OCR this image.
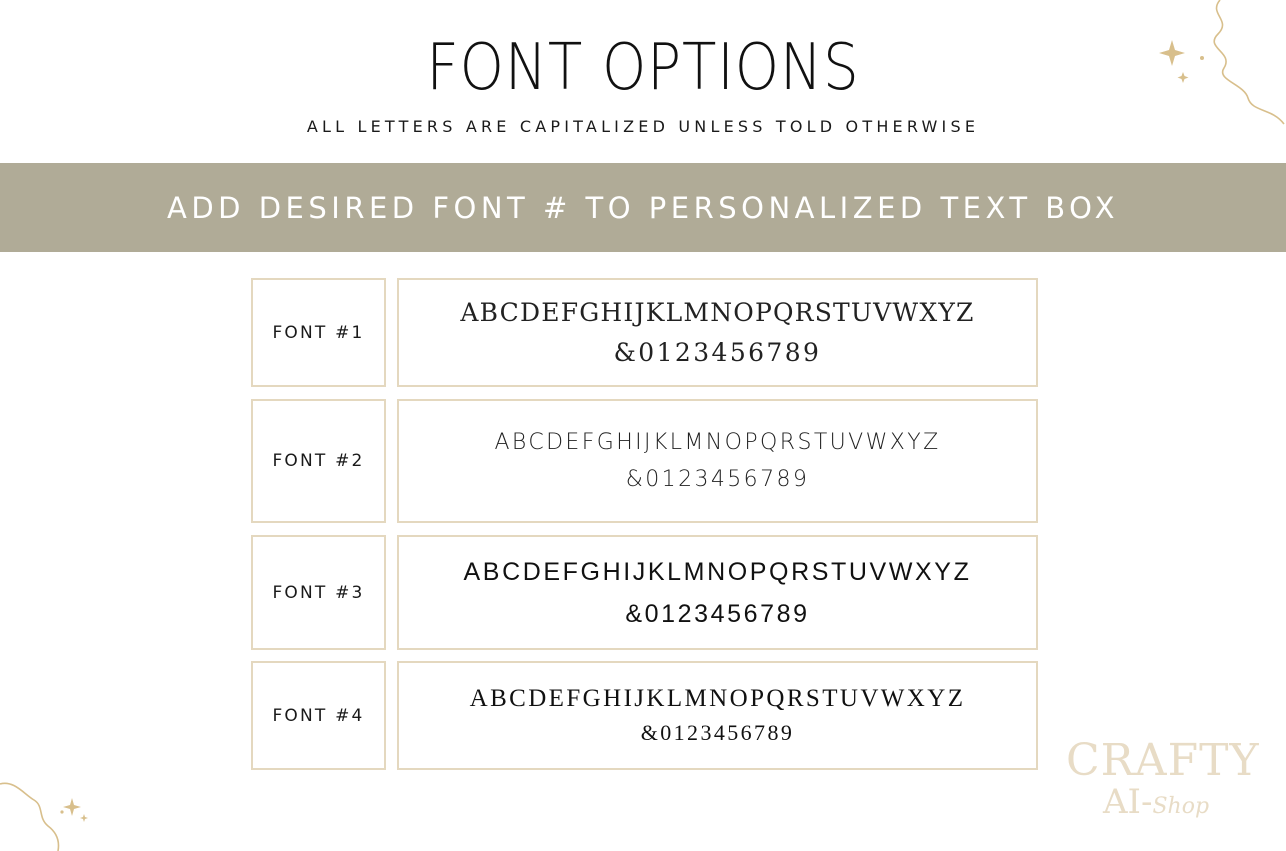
FONT OPTIONS
ALL LETTERS ARE CAPITALIZED UNLESS TOLD OTHERWISE
ADD DESIRED FONT # TO PERSONALIZED TEXT BOX
FONT #1
ABCDEFGHIJKLMNOPQRSTUVWXYZ
&0123456789
FONT #2
ABCDEFGHIJKLMNOPQRSTUVWXYZ
&0123456789
FONT #3
ABCDEFGHIJKLMNOPQRSTUVWXYZ
&0123456789
FONT #4
ABCDEFGHIJKLMNOPQRSTUVWXYZ
&0123456789
CRAFTY
AI-Shop
